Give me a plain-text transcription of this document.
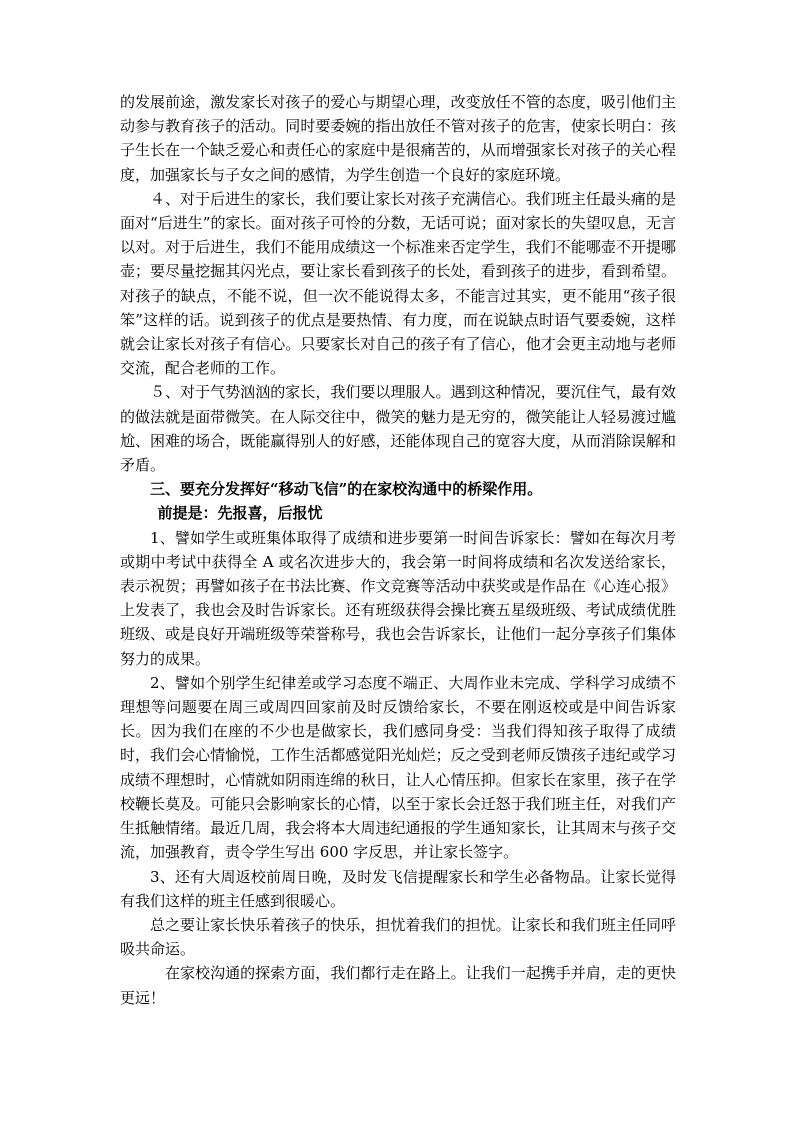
的发展前途，激发家长对孩子的爱心与期望心理，改变放任不管的态度，吸引他们主动参与教育孩子的活动。同时要委婉的指出放任不管对孩子的危害，使家长明白：孩子生长在一个缺乏爱心和责任心的家庭中是很痛苦的，从而增强家长对孩子的关心程度，加强家长与子女之间的感情，为学生创造一个良好的家庭环境。

４、对于后进生的家长，我们要让家长对孩子充满信心。我们班主任最头痛的是面对“后进生”的家长。面对孩子可怜的分数，无话可说；面对家长的失望叹息，无言以对。对于后进生，我们不能用成绩这一个标准来否定学生，我们不能哪壶不开提哪壶；要尽量挖掘其闪光点，要让家长看到孩子的长处，看到孩子的进步，看到希望。对孩子的缺点，不能不说，但一次不能说得太多，不能言过其实，更不能用“孩子很笨”这样的话。说到孩子的优点是要热情、有力度，而在说缺点时语气要委婉，这样就会让家长对孩子有信心。只要家长对自己的孩子有了信心，他才会更主动地与老师交流，配合老师的工作。

５、对于气势汹汹的家长，我们要以理服人。遇到这种情况，要沉住气，最有效的做法就是面带微笑。在人际交往中，微笑的魅力是无穷的，微笑能让人轻易渡过尴尬、困难的场合，既能赢得别人的好感，还能体现自己的宽容大度，从而消除误解和矛盾。

三、要充分发挥好“移动飞信”的在家校沟通中的桥梁作用。

前提是：先报喜，后报忧

1、譬如学生或班集体取得了成绩和进步要第一时间告诉家长：譬如在每次月考或期中考试中获得全 A 或名次进步大的，我会第一时间将成绩和名次发送给家长，表示祝贺；再譬如孩子在书法比赛、作文竞赛等活动中获奖或是作品在《心连心报》上发表了，我也会及时告诉家长。还有班级获得会操比赛五星级班级、考试成绩优胜班级、或是良好开端班级等荣誉称号，我也会告诉家长，让他们一起分享孩子们集体努力的成果。

2、譬如个别学生纪律差或学习态度不端正、大周作业未完成、学科学习成绩不理想等问题要在周三或周四回家前及时反馈给家长，不要在刚返校或是中间告诉家长。因为我们在座的不少也是做家长，我们感同身受：当我们得知孩子取得了成绩时，我们会心情愉悦，工作生活都感觉阳光灿烂；反之受到老师反馈孩子违纪或学习成绩不理想时，心情就如阴雨连绵的秋日，让人心情压抑。但家长在家里，孩子在学校鞭长莫及。可能只会影响家长的心情，以至于家长会迁怒于我们班主任，对我们产生抵触情绪。最近几周，我会将本大周违纪通报的学生通知家长，让其周末与孩子交流，加强教育，责令学生写出 600 字反思，并让家长签字。

3、还有大周返校前周日晚，及时发飞信提醒家长和学生必备物品。让家长觉得有我们这样的班主任感到很暖心。

总之要让家长快乐着孩子的快乐，担忧着我们的担忧。让家长和我们班主任同呼吸共命运。

在家校沟通的探索方面，我们都行走在路上。让我们一起携手并肩，走的更快更远！
